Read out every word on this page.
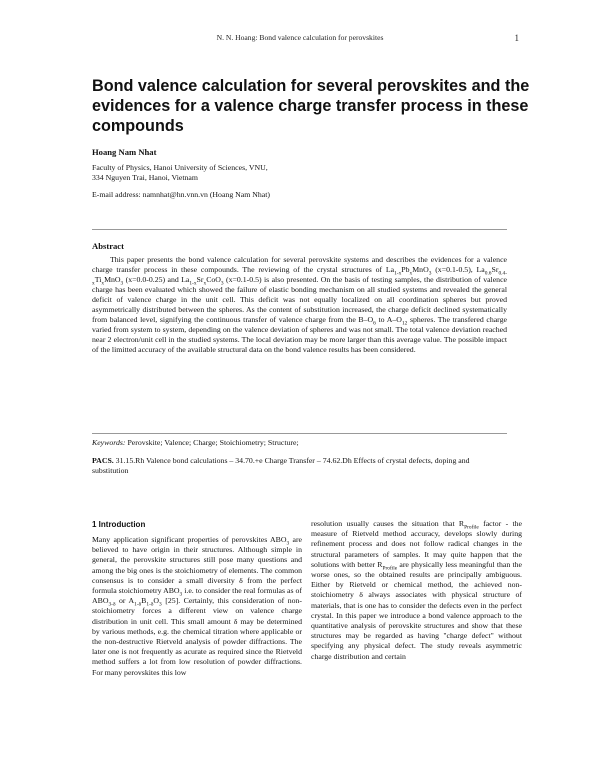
N. N. Hoang: Bond valence calculation for perovskites	1
Bond valence calculation for several perovskites and the evidences for a valence charge transfer process in these compounds
Hoang Nam Nhat
Faculty of Physics, Hanoi University of Sciences, VNU,
334 Nguyen Trai, Hanoi, Vietnam
E-mail address: namnhat@hn.vnn.vn (Hoang Nam Nhat)
Abstract

This paper presents the bond valence calculation for several perovskite systems and describes the evidences for a valence charge transfer process in these compounds. The reviewing of the crystal structures of $La_{1-x}Pb_xMnO_3$ (x=0.1-0.5), $La_{0.6}Sr_{0.4-x}Ti_xMnO_3$ (x=0.0-0.25) and $La_{1-x}Sr_xCoO_3$ (x=0.1-0.5) is also presented. On the basis of testing samples, the distribution of valence charge has been evaluated which showed the failure of elastic bonding mechanism on all studied systems and revealed the general deficit of valence charge in the unit cell. This deficit was not equally localized on all coordination spheres but proved asymmetrically distributed between the spheres. As the content of substitution increased, the charge deficit declined systematically from balanced level, signifying the continuous transfer of valence charge from the $B-O_6$ to $A-O_{12}$ spheres. The transfered charge varied from system to system, depending on the valence deviation of spheres and was not small. The total valence deviation reached near 2 electron/unit cell in the studied systems. The local deviation may be more larger than this average value. The possible impact of the limitted accuracy of the available structural data on the bond valence results has been considered.

Keywords: Perovskite; Valence; Charge; Stoichiometry; Structure;
PACS. 31.15.Rh Valence bond calculations – 34.70.+e Charge Transfer – 74.62.Dh Effects of crystal defects, doping and substitution
1 Introduction

Many application significant properties of perovskites $ABO_3$ are believed to have origin in their structures. Although simple in general, the perovskite structures still pose many questions and among the big ones is the stoichiometry of elements. The common consensus is to consider a small diversity δ from the perfect formula stoichiometry $ABO_3$ i.e. to consider the real formulas as of $ABO_{3-\delta}$ or $A_{1-\delta}B_{1-\delta}O_3$ [25]. Certainly, this consideration of non-stoichiometry forces a different view on valence charge distribution in unit cell. This small amount δ may be determined by various methods, e.g. the chemical titration where applicable or the non-destructive Rietveld analysis of powder diffractions. The later one is not frequently as acurate as required since the Rietveld method suffers a lot from low resolution of powder diffractions. For many perovskites this low

resolution usually causes the situation that $R_{Profile}$ factor - the measure of Rietveld method accuracy, develops slowly during refinement process and does not follow radical changes in the structural parameters of samples. It may quite happen that the solutions with better $R_{Profile}$ are physically less meaningful than the worse ones, so the obtained results are principally ambiguous. Either by Rietveld or chemical method, the achieved non-stoichiometry δ always associates with physical structure of materials, that is one has to consider the defects even in the perfect crystal. In this paper we introduce a bond valence approach to the quantitative analysis of perovskite structures and show that these structures may be regarded as having "charge defect" without specifying any physical defect. The study reveals asymmetric charge distribution and certain
